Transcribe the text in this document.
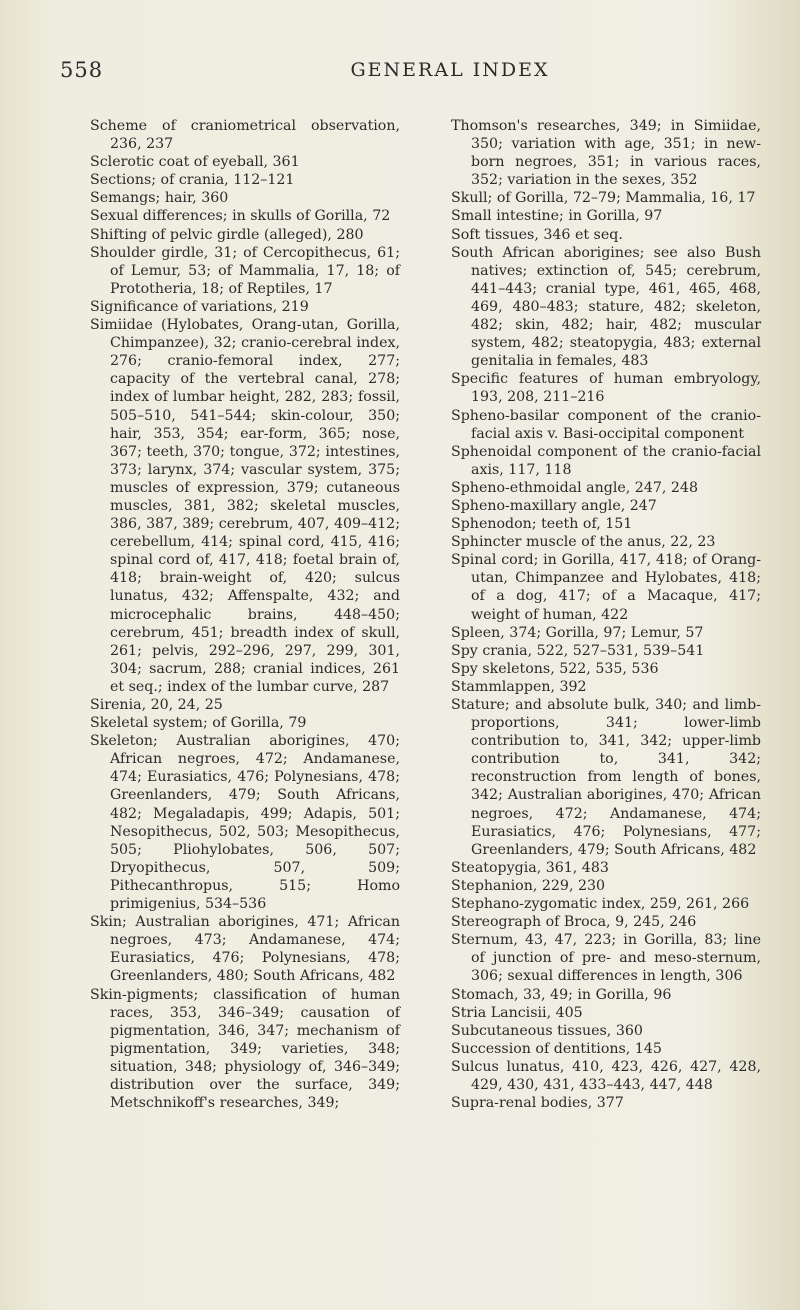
558	GENERAL INDEX

Scheme of craniometrical observation, 236, 237

Sclerotic coat of eyeball, 361

Sections; of crania, 112–121

Semangs; hair, 360

Sexual differences; in skulls of Gorilla, 72

Shifting of pelvic girdle (alleged), 280

Shoulder girdle, 31; of Cercopithecus, 61; of Lemur, 53; of Mammalia, 17, 18; of Prototheria, 18; of Reptiles, 17

Significance of variations, 219

Simiidae (Hylobates, Orang-utan, Gorilla, Chimpanzee), 32; cranio-cerebral index, 276; cranio-femoral index, 277; capacity of the vertebral canal, 278; index of lumbar height, 282, 283; fossil, 505–510, 541–544; skin-colour, 350; hair, 353, 354; ear-form, 365; nose, 367; teeth, 370; tongue, 372; intestines, 373; larynx, 374; vascular system, 375; muscles of expression, 379; cutaneous muscles, 381, 382; skeletal muscles, 386, 387, 389; cerebrum, 407, 409–412; cerebellum, 414; spinal cord, 415, 416; spinal cord of, 417, 418; foetal brain of, 418; brain-weight of, 420; sulcus lunatus, 432; Affenspalte, 432; and microcephalic brains, 448–450; cerebrum, 451; breadth index of skull, 261; pelvis, 292–296, 297, 299, 301, 304; sacrum, 288; cranial indices, 261 et seq.; index of the lumbar curve, 287

Sirenia, 20, 24, 25

Skeletal system; of Gorilla, 79

Skeleton; Australian aborigines, 470; African negroes, 472; Andamanese, 474; Eurasiatics, 476; Polynesians, 478; Greenlanders, 479; South Africans, 482; Megaladapis, 499; Adapis, 501; Nesopithecus, 502, 503; Mesopithecus, 505; Pliohylobates, 506, 507; Dryopithecus, 507, 509; Pithecanthropus, 515; Homo primigenius, 534–536

Skin; Australian aborigines, 471; African negroes, 473; Andamanese, 474; Eurasiatics, 476; Polynesians, 478; Greenlanders, 480; South Africans, 482

Skin-pigments; classification of human races, 353, 346–349; causation of pigmentation, 346, 347; mechanism of pigmentation, 349; varieties, 348; situation, 348; physiology of, 346–349; distribution over the surface, 349; Metschnikoff's researches, 349;

Thomson's researches, 349; in Simiidae, 350; variation with age, 351; in new-born negroes, 351; in various races, 352; variation in the sexes, 352

Skull; of Gorilla, 72–79; Mammalia, 16, 17

Small intestine; in Gorilla, 97

Soft tissues, 346 et seq.

South African aborigines; see also Bush natives; extinction of, 545; cerebrum, 441–443; cranial type, 461, 465, 468, 469, 480–483; stature, 482; skeleton, 482; skin, 482; hair, 482; muscular system, 482; steatopygia, 483; external genitalia in females, 483

Specific features of human embryology, 193, 208, 211–216

Spheno-basilar component of the cranio-facial axis v. Basi-occipital component

Sphenoidal component of the cranio-facial axis, 117, 118

Spheno-ethmoidal angle, 247, 248

Spheno-maxillary angle, 247

Sphenodon; teeth of, 151

Sphincter muscle of the anus, 22, 23

Spinal cord; in Gorilla, 417, 418; of Orang-utan, Chimpanzee and Hylobates, 418; of a dog, 417; of a Macaque, 417; weight of human, 422

Spleen, 374; Gorilla, 97; Lemur, 57

Spy crania, 522, 527–531, 539–541

Spy skeletons, 522, 535, 536

Stammlappen, 392

Stature; and absolute bulk, 340; and limb-proportions, 341; lower-limb contribution to, 341, 342; upper-limb contribution to, 341, 342; reconstruction from length of bones, 342; Australian aborigines, 470; African negroes, 472; Andamanese, 474; Eurasiatics, 476; Polynesians, 477; Greenlanders, 479; South Africans, 482

Steatopygia, 361, 483

Stephanion, 229, 230

Stephano-zygomatic index, 259, 261, 266

Stereograph of Broca, 9, 245, 246

Sternum, 43, 47, 223; in Gorilla, 83; line of junction of pre- and meso-sternum, 306; sexual differences in length, 306

Stomach, 33, 49; in Gorilla, 96

Stria Lancisii, 405

Subcutaneous tissues, 360

Succession of dentitions, 145

Sulcus lunatus, 410, 423, 426, 427, 428, 429, 430, 431, 433–443, 447, 448

Supra-renal bodies, 377
